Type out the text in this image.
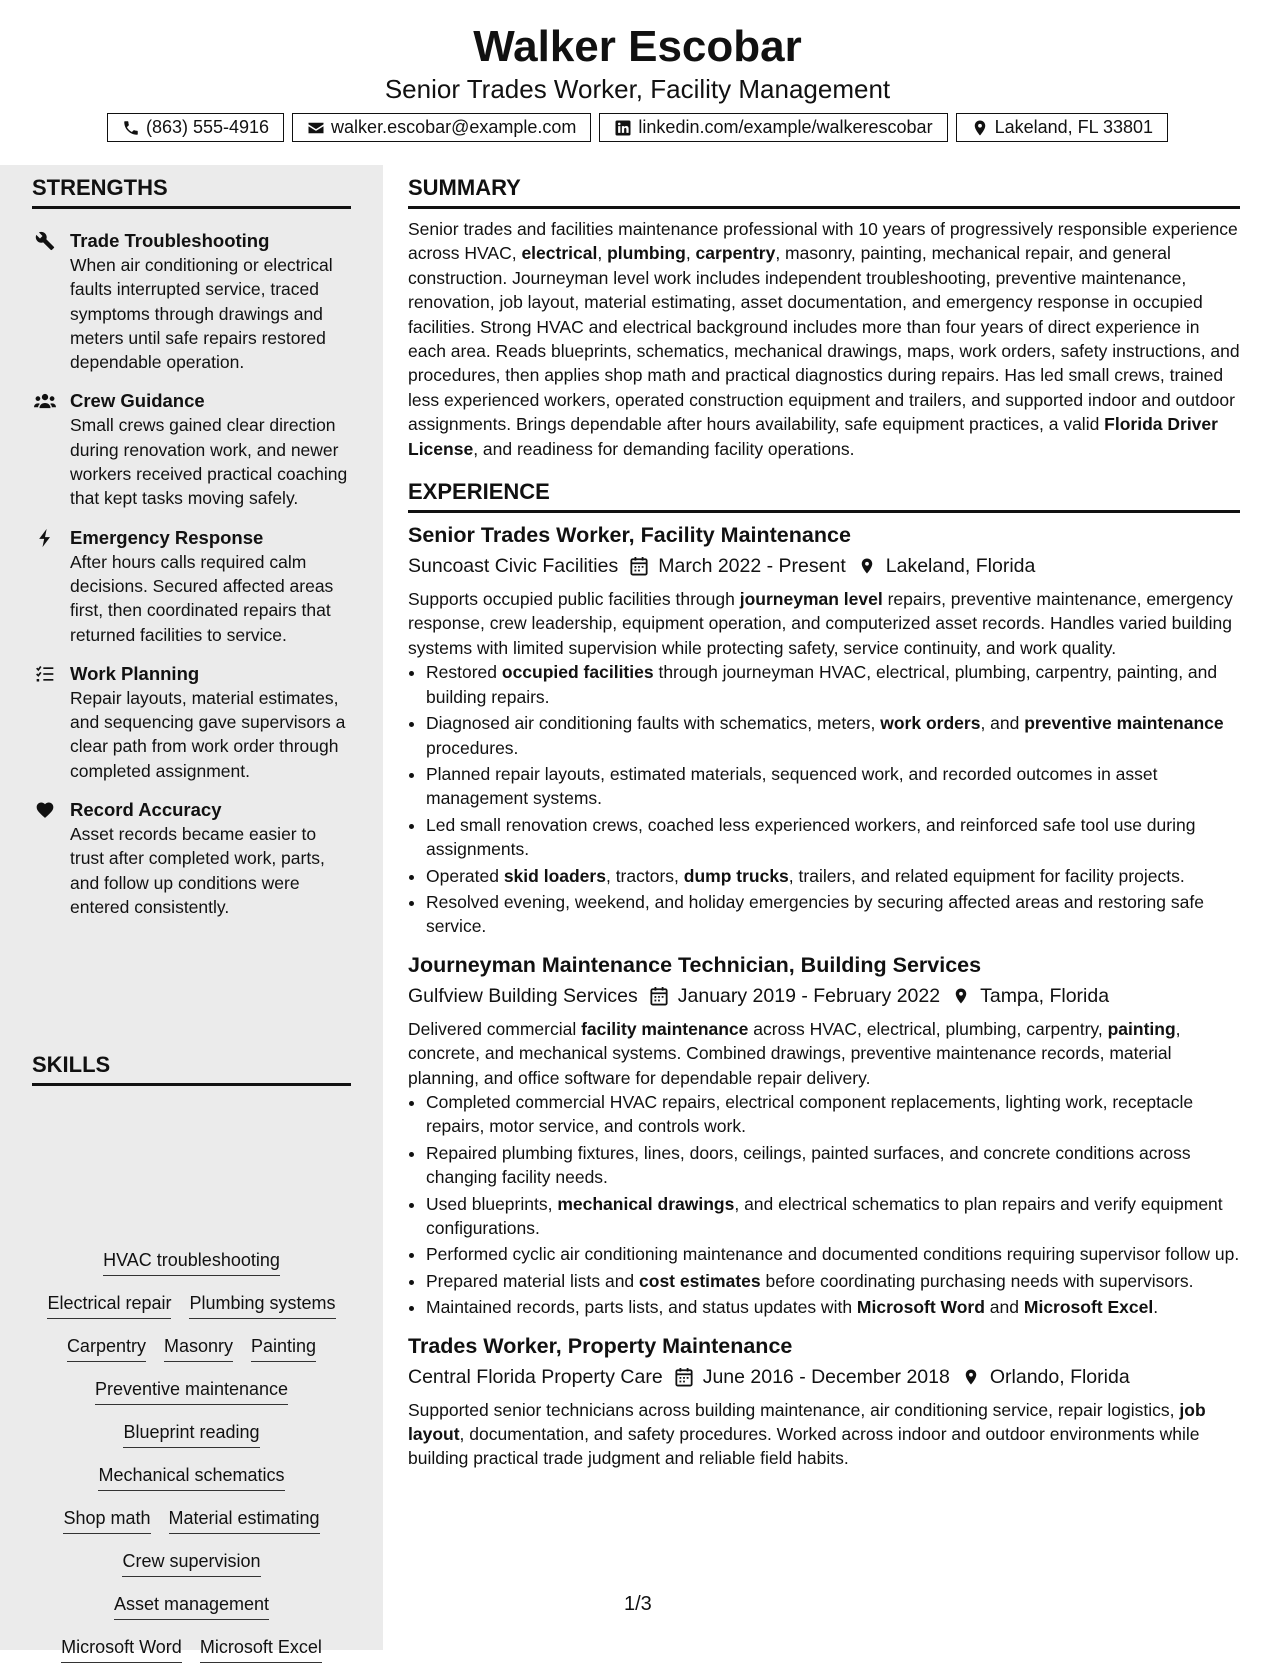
Walker Escobar
Senior Trades Worker, Facility Management
(863) 555-4916	walker.escobar@example.com	linkedin.com/example/walkerescobar	Lakeland, FL 33801
STRENGTHS
Trade Troubleshooting
When air conditioning or electrical faults interrupted service, traced symptoms through drawings and meters until safe repairs restored dependable operation.
Crew Guidance
Small crews gained clear direction during renovation work, and newer workers received practical coaching that kept tasks moving safely.
Emergency Response
After hours calls required calm decisions. Secured affected areas first, then coordinated repairs that returned facilities to service.
Work Planning
Repair layouts, material estimates, and sequencing gave supervisors a clear path from work order through completed assignment.
Record Accuracy
Asset records became easier to trust after completed work, parts, and follow up conditions were entered consistently.
SKILLS
HVAC troubleshooting
Electrical repair Plumbing systems
Carpentry Masonry Painting
Preventive maintenance
Blueprint reading
Mechanical schematics
Shop math Material estimating
Crew supervision
Asset management
Microsoft Word Microsoft Excel
SUMMARY

Senior trades and facilities maintenance professional with 10 years of progressively responsible experience across HVAC, electrical, plumbing, carpentry, masonry, painting, mechanical repair, and general construction. Journeyman level work includes independent troubleshooting, preventive maintenance, renovation, job layout, material estimating, asset documentation, and emergency response in occupied facilities. Strong HVAC and electrical background includes more than four years of direct experience in each area. Reads blueprints, schematics, mechanical drawings, maps, work orders, safety instructions, and procedures, then applies shop math and practical diagnostics during repairs. Has led small crews, trained less experienced workers, operated construction equipment and trailers, and supported indoor and outdoor assignments. Brings dependable after hours availability, safe equipment practices, a valid Florida Driver License, and readiness for demanding facility operations.

EXPERIENCE
Senior Trades Worker, Facility Maintenance
Suncoast Civic Facilities March 2022 - Present Lakeland, Florida

Supports occupied public facilities through journeyman level repairs, preventive maintenance, emergency response, crew leadership, equipment operation, and computerized asset records. Handles varied building systems with limited supervision while protecting safety, service continuity, and work quality.

• Restored occupied facilities through journeyman HVAC, electrical, plumbing, carpentry, painting, and building repairs.
• Diagnosed air conditioning faults with schematics, meters, work orders, and preventive maintenance procedures.
• Planned repair layouts, estimated materials, sequenced work, and recorded outcomes in asset management systems.
• Led small renovation crews, coached less experienced workers, and reinforced safe tool use during assignments.
• Operated skid loaders, tractors, dump trucks, trailers, and related equipment for facility projects.
• Resolved evening, weekend, and holiday emergencies by securing affected areas and restoring safe service.
Journeyman Maintenance Technician, Building Services
Gulfview Building Services January 2019 - February 2022 Tampa, Florida

Delivered commercial facility maintenance across HVAC, electrical, plumbing, carpentry, painting, concrete, and mechanical systems. Combined drawings, preventive maintenance records, material planning, and office software for dependable repair delivery.

• Completed commercial HVAC repairs, electrical component replacements, lighting work, receptacle repairs, motor service, and controls work.
• Repaired plumbing fixtures, lines, doors, ceilings, painted surfaces, and concrete conditions across changing facility needs.
• Used blueprints, mechanical drawings, and electrical schematics to plan repairs and verify equipment configurations.
• Performed cyclic air conditioning maintenance and documented conditions requiring supervisor follow up.
• Prepared material lists and cost estimates before coordinating purchasing needs with supervisors.
• Maintained records, parts lists, and status updates with Microsoft Word and Microsoft Excel.
Trades Worker, Property Maintenance
Central Florida Property Care June 2016 - December 2018 Orlando, Florida

Supported senior technicians across building maintenance, air conditioning service, repair logistics, job layout, documentation, and safety procedures. Worked across indoor and outdoor environments while building practical trade judgment and reliable field habits.

1/3
